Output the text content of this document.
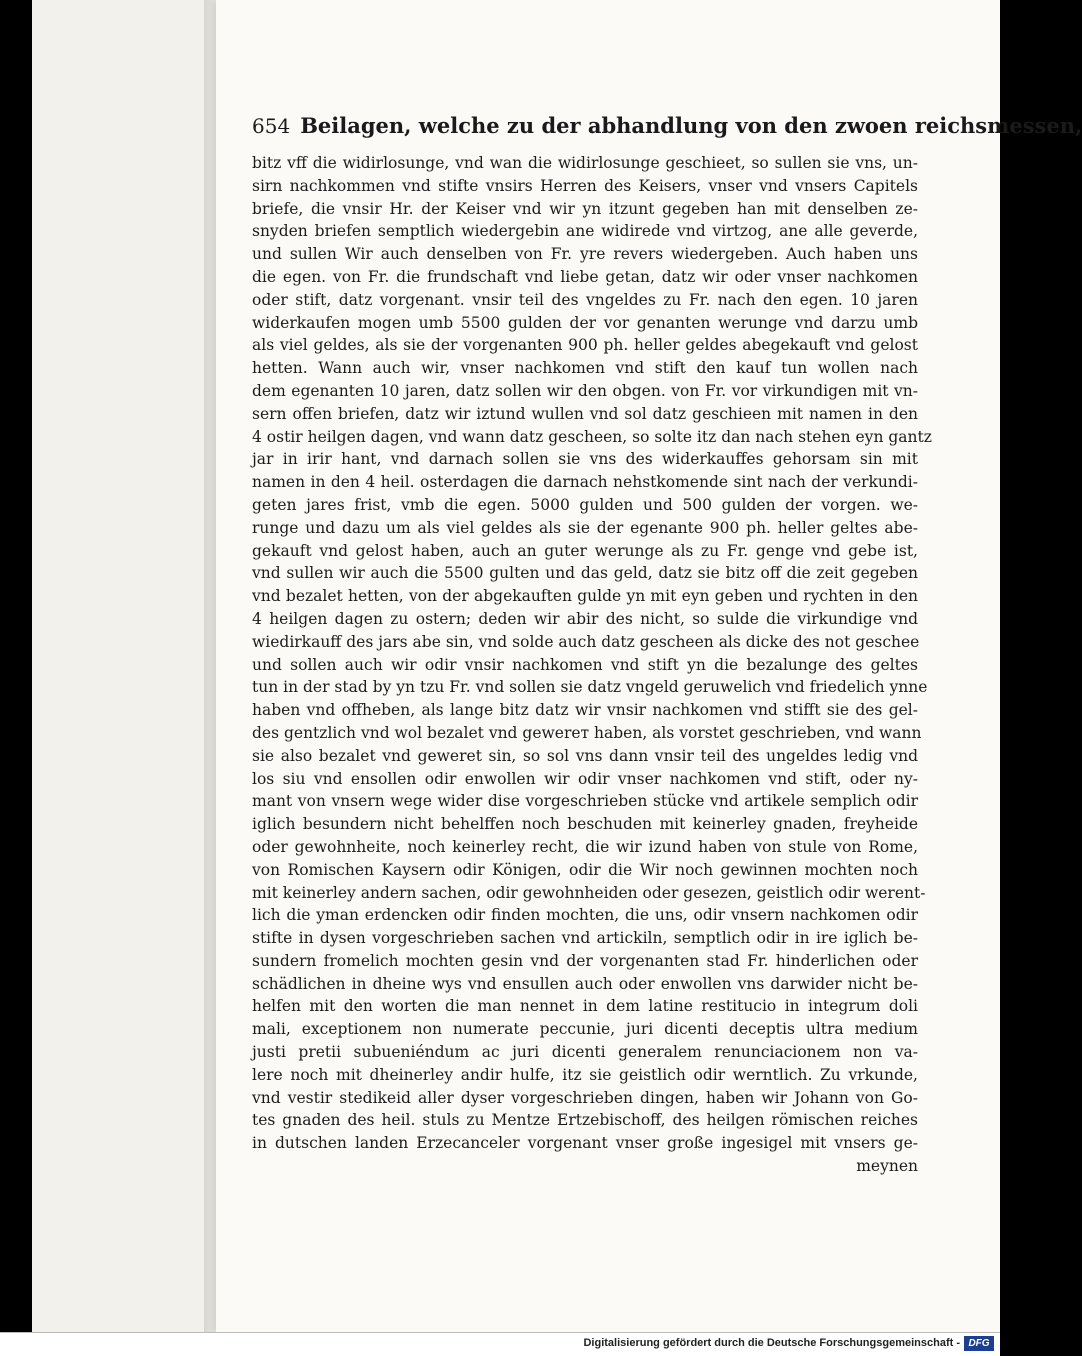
654 Beilagen, welche zu der abhandlung von den zwoen reichsmessen,
bitz vff die widirlosunge, vnd wan die widirlosunge geschieet, so sullen sie vns, un-
sirn nachkommen vnd stifte vnsirs Herren des Keisers, vnser vnd vnsers Capitels
briefe, die vnsir Hr. der Keiser vnd wir yn itzunt gegeben han mit denselben ze-
snyden briefen semptlich wiedergebin ane widirede vnd virtzog, ane alle geverde,
und sullen Wir auch denselben von Fr. yre revers wiedergeben. Auch haben uns
die egen. von Fr. die frundschaft vnd liebe getan, datz wir oder vnser nachkomen
oder stift, datz vorgenant. vnsir teil des vngeldes zu Fr. nach den egen. 10 jaren
widerkaufen mogen umb 5500 gulden der vor genanten werunge vnd darzu umb
als viel geldes, als sie der vorgenanten 900 ph. heller geldes abegekauft vnd gelost
hetten. Wann auch wir, vnser nachkomen vnd stift den kauf tun wollen nach
dem egenanten 10 jaren, datz sollen wir den obgen. von Fr. vor virkundigen mit vn-
sern offen briefen, datz wir iztund wullen vnd sol datz geschieen mit namen in den
4 ostir heilgen dagen, vnd wann datz gescheen, so solte itz dan nach stehen eyn gantz
jar in irir hant, vnd darnach sollen sie vns des widerkauffes gehorsam sin mit
namen in den 4 heil. osterdagen die darnach nehstkomende sint nach der verkundi-
geten jares frist, vmb die egen. 5000 gulden und 500 gulden der vorgen. we-
runge und dazu um als viel geldes als sie der egenante 900 ph. heller geltes abe-
gekauft vnd gelost haben, auch an guter werunge als zu Fr. genge vnd gebe ist,
vnd sullen wir auch die 5500 gulten und das geld, datz sie bitz off die zeit gegeben
vnd bezalet hetten, von der abgekauften gulde yn mit eyn geben und rychten in den
4 heilgen dagen zu ostern; deden wir abir des nicht, so sulde die virkundige vnd
wiedirkauff des jars abe sin, vnd solde auch datz gescheen als dicke des not geschee
und sollen auch wir odir vnsir nachkomen vnd stift yn die bezalunge des geltes
tun in der stad by yn tzu Fr. vnd sollen sie datz vngeld geruwelich vnd friedelich ynne
haben vnd offheben, als lange bitz datz wir vnsir nachkomen vnd stifft sie des gel-
des gentzlich vnd wol bezalet vnd gewerет haben, als vorstet geschrieben, vnd wann
sie also bezalet vnd geweret sin, so sol vns dann vnsir teil des ungeldes ledig vnd
los siu vnd ensollen odir enwollen wir odir vnser nachkomen vnd stift, oder ny-
mant von vnsern wege wider dise vorgeschrieben stücke vnd artikele semplich odir
iglich besundern nicht behelffen noch beschuden mit keinerley gnaden, freyheide
oder gewohnheite, noch keinerley recht, die wir izund haben von stule von Rome,
von Romischen Kaysern odir Königen, odir die Wir noch gewinnen mochten noch
mit keinerley andern sachen, odir gewohnheiden oder gesezen, geistlich odir werent-
lich die yman erdencken odir finden mochten, die uns, odir vnsern nachkomen odir
stifte in dysen vorgeschrieben sachen vnd artickiln, semptlich odir in ire iglich be-
sundern fromelich mochten gesin vnd der vorgenanten stad Fr. hinderlichen oder
schädlichen in dheine wys vnd ensullen auch oder enwollen vns darwider nicht be-
helfen mit den worten die man nennet in dem latine restitucio in integrum doli
mali, exceptionem non numerate peccunie, juri dicenti deceptis ultra medium
justi pretii subueniéndum ac juri dicenti generalem renunciacionem non va-
lere noch mit dheinerley andir hulfe, itz sie geistlich odir werntlich. Zu vrkunde,
vnd vestir stedikeid aller dyser vorgeschrieben dingen, haben wir Johann von Go-
tes gnaden des heil. stuls zu Mentze Ertzebischoff, des heilgen römischen reiches
in dutschen landen Erzecanceler vorgenant vnser große ingesigel mit vnsers ge-
meynen
Digitalisierung gefördert durch die Deutsche Forschungsgemeinschaft - DFG
